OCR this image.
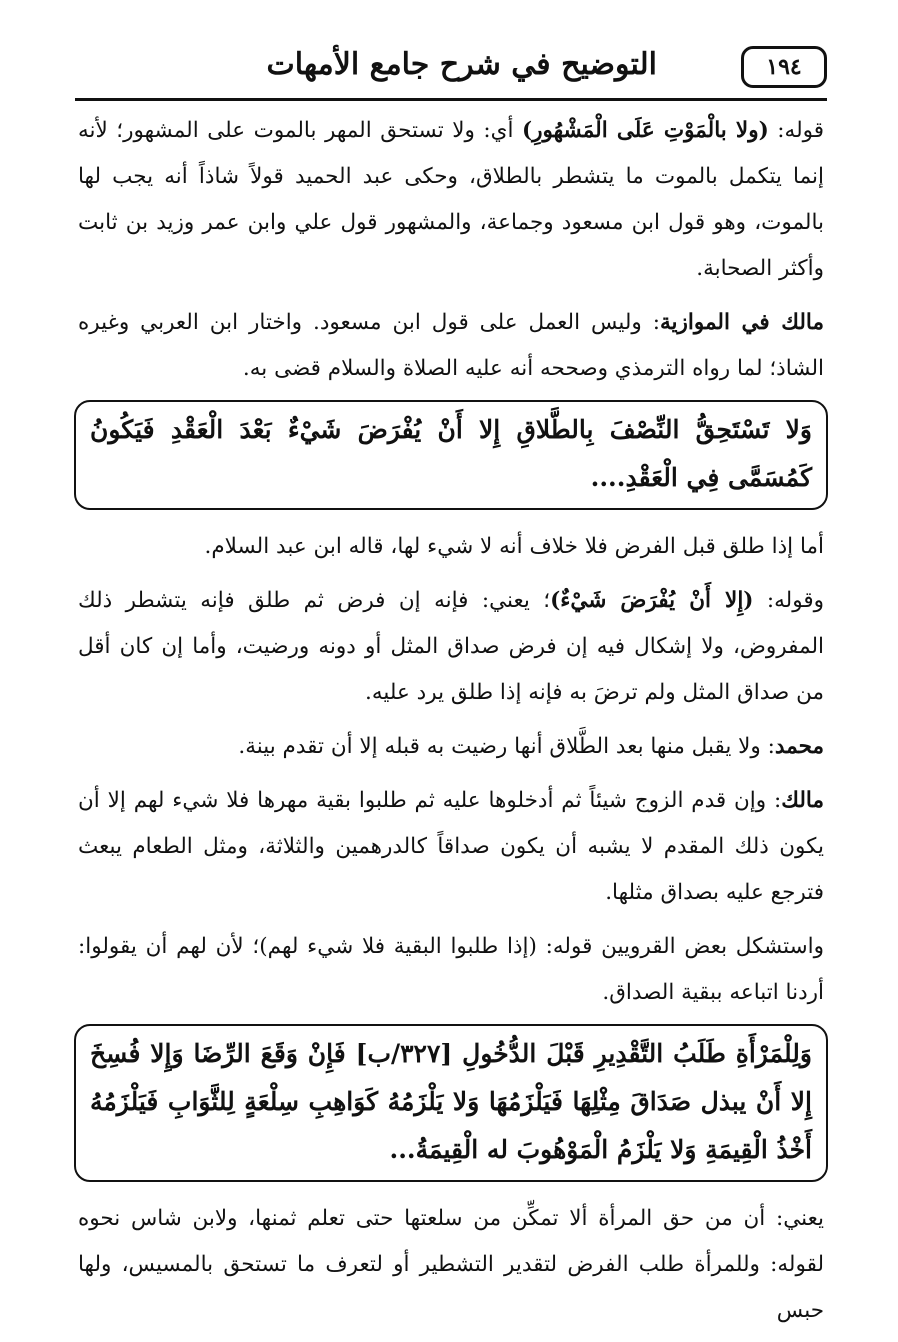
١٩٤
التوضيح في شرح جامع الأمهات

قوله: (ولا بالْمَوْتِ عَلَى الْمَشْهُورِ) أي: ولا تستحق المهر بالموت على المشهور؛ لأنه إنما يتكمل بالموت ما يتشطر بالطلاق، وحكى عبد الحميد قولاً شاذاً أنه يجب لها بالموت، وهو قول ابن مسعود وجماعة، والمشهور قول علي وابن عمر وزيد بن ثابت وأكثر الصحابة.

مالك في الموازية: وليس العمل على قول ابن مسعود. واختار ابن العربي وغيره الشاذ؛ لما رواه الترمذي وصححه أنه عليه الصلاة والسلام قضى به.

وَلا تَسْتَحِقُّ النِّصْفَ بِالطَّلاقِ إِلا أَنْ يُفْرَضَ شَيْءٌ بَعْدَ الْعَقْدِ فَيَكُونُ كَمُسَمَّى فِي الْعَقْدِ....

أما إذا طلق قبل الفرض فلا خلاف أنه لا شيء لها، قاله ابن عبد السلام.

وقوله: (إِلا أَنْ يُفْرَضَ شَيْءٌ)؛ يعني: فإنه إن فرض ثم طلق فإنه يتشطر ذلك المفروض، ولا إشكال فيه إن فرض صداق المثل أو دونه ورضيت، وأما إن كان أقل من صداق المثل ولم ترضَ به فإنه إذا طلق يرد عليه.

محمد: ولا يقبل منها بعد الطَّلاق أنها رضيت به قبله إلا أن تقدم بينة.

مالك: وإن قدم الزوج شيئاً ثم أدخلوها عليه ثم طلبوا بقية مهرها فلا شيء لهم إلا أن يكون ذلك المقدم لا يشبه أن يكون صداقاً كالدرهمين والثلاثة، ومثل الطعام يبعث فترجع عليه بصداق مثلها.

واستشكل بعض القرويين قوله: (إذا طلبوا البقية فلا شيء لهم)؛ لأن لهم أن يقولوا: أردنا اتباعه ببقية الصداق.

وَلِلْمَرْأَةِ طَلَبُ التَّقْدِيرِ قَبْلَ الدُّخُولِ [٣٢٧/ب] فَإِنْ وَقَعَ الرِّضَا وَإِلا فُسِخَ إِلا أَنْ يبذل صَدَاقَ مِثْلِهَا فَيَلْزَمُهَا وَلا يَلْزَمُهُ كَوَاهِبِ سِلْعَةٍ لِلثَّوَابِ فَيَلْزَمُهُ أَخْذُ الْقِيمَةِ وَلا يَلْزَمُ الْمَوْهُوبَ له الْقِيمَةُ...

يعني: أن من حق المرأة ألا تمكِّن من سلعتها حتى تعلم ثمنها، ولابن شاس نحوه لقوله: وللمرأة طلب الفرض لتقدير التشطير أو لتعرف ما تستحق بالمسيس، ولها حبس
